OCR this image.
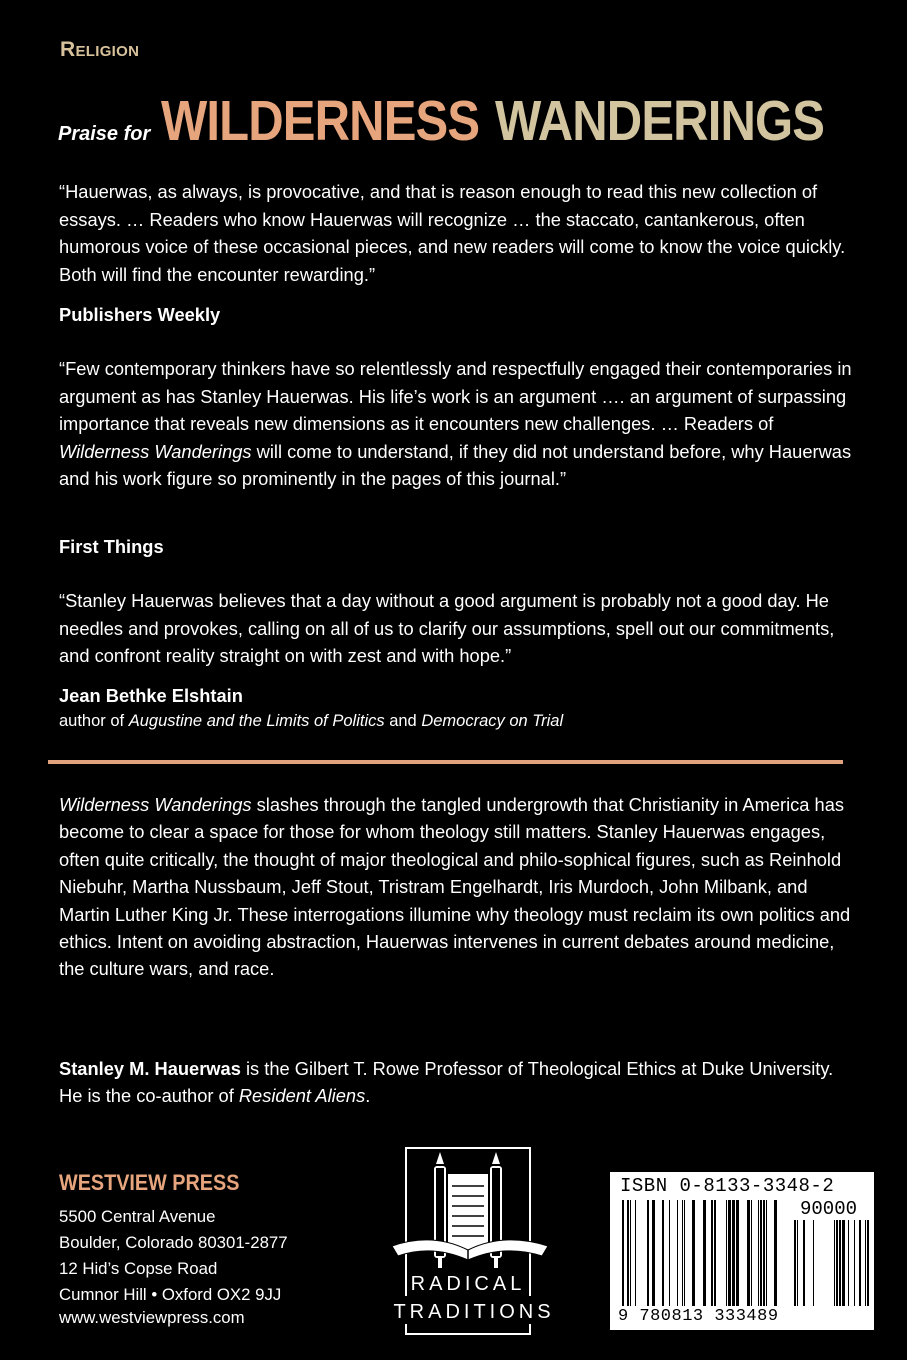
Religion
Praise for WILDERNESS WANDERINGS
“Hauerwas, as always, is provocative, and that is reason enough to read this new collection of essays. … Readers who know Hauerwas will recognize … the staccato, cantankerous, often humorous voice of these occasional pieces, and new readers will come to know the voice quickly. Both will find the encounter rewarding.”
Publishers Weekly
“Few contemporary thinkers have so relentlessly and respectfully engaged their contemporaries in argument as has Stanley Hauerwas. His life’s work is an argument …. an argument of surpassing importance that reveals new dimensions as it encounters new challenges. … Readers of Wilderness Wanderings will come to understand, if they did not understand before, why Hauerwas and his work figure so prominently in the pages of this journal.”
First Things
“Stanley Hauerwas believes that a day without a good argument is probably not a good day. He needles and provokes, calling on all of us to clarify our assumptions, spell out our commitments, and confront reality straight on with zest and with hope.”
Jean Bethke Elshtain
author of Augustine and the Limits of Politics and Democracy on Trial
Wilderness Wanderings slashes through the tangled undergrowth that Christianity in America has become to clear a space for those for whom theology still matters. Stanley Hauerwas engages, often quite critically, the thought of major theological and philo-sophical figures, such as Reinhold Niebuhr, Martha Nussbaum, Jeff Stout, Tristram Engelhardt, Iris Murdoch, John Milbank, and Martin Luther King Jr. These interrogations illumine why theology must reclaim its own politics and ethics. Intent on avoiding abstraction, Hauerwas intervenes in current debates around medicine, the culture wars, and race.
Stanley M. Hauerwas is the Gilbert T. Rowe Professor of Theological Ethics at Duke University. He is the co-author of Resident Aliens.
WESTVIEW PRESS
5500 Central Avenue
Boulder, Colorado 80301-2877
12 Hid’s Copse Road
Cumnor Hill • Oxford OX2 9JJ
www.westviewpress.com
RADICAL
TRADITIONS
ISBN 0-8133-3348-2
90000
9 780813 333489
